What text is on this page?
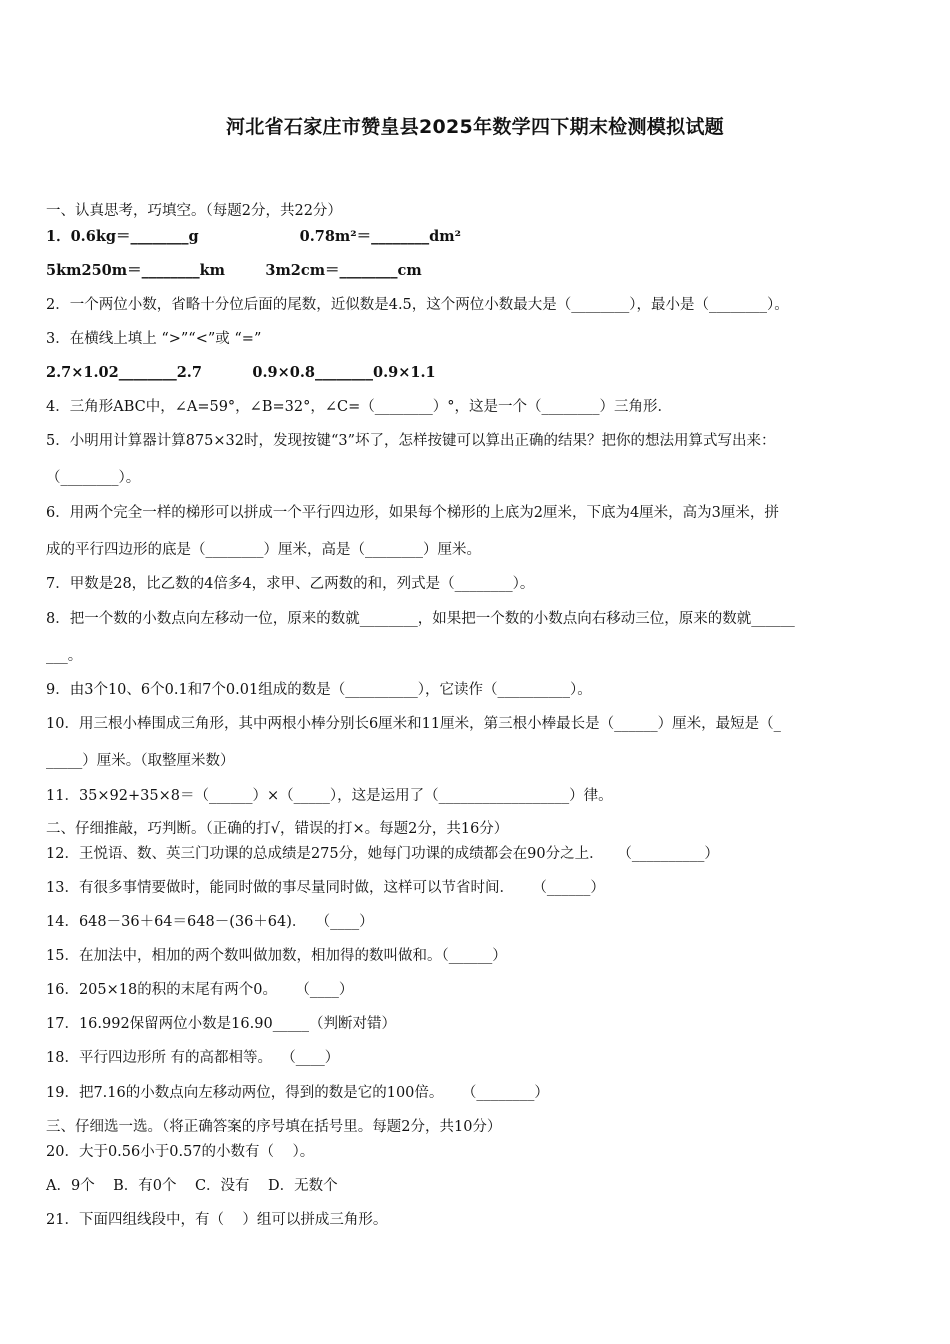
河北省石家庄市赞皇县2025年数学四下期末检测模拟试题
一、认真思考，巧填空。（每题2分，共22分）
1．0.6kg＝________g                    0.78m²＝________dm²
5km250m＝________km        3m2cm＝________cm
2．一个两位小数，省略十分位后面的尾数，近似数是4.5，这个两位小数最大是（________），最小是（________）。
3．在横线上填上 “>”“<”或 “=”
2.7×1.02________2.7          0.9×0.8________0.9×1.1
4．三角形ABC中，∠A=59°，∠B=32°，∠C=（________）°，这是一个（________）三角形．
5．小明用计算器计算875×32时，发现按键“3”坏了，怎样按键可以算出正确的结果？把你的想法用算式写出来：
（________）。
6．用两个完全一样的梯形可以拼成一个平行四边形，如果每个梯形的上底为2厘米，下底为4厘米，高为3厘米，拼
成的平行四边形的底是（________）厘米，高是（________）厘米。
7．甲数是28，比乙数的4倍多4，求甲、乙两数的和，列式是（________）。
8．把一个数的小数点向左移动一位，原来的数就________，如果把一个数的小数点向右移动三位，原来的数就______
___。
9．由3个10、6个0.1和7个0.01组成的数是（__________），它读作（__________）。
10．用三根小棒围成三角形，其中两根小棒分别长6厘米和11厘米，第三根小棒最长是（______）厘米，最短是（_
_____）厘米。（取整厘米数）
11．35×92+35×8＝（______）×（_____），这是运用了（__________________）律。
二、仔细推敲，巧判断。（正确的打√，错误的打×。每题2分，共16分）
12．王悦语、数、英三门功课的总成绩是275分，她每门功课的成绩都会在90分之上．   （__________）
13．有很多事情要做时，能同时做的事尽量同时做，这样可以节省时间．    （______）
14．648－36＋64＝648－(36＋64)．  （____）
15．在加法中，相加的两个数叫做加数，相加得的数叫做和。（______）
16．205×18的积的末尾有两个0。    （____）
17．16.992保留两位小数是16.90_____（判断对错）
18．平行四边形所 有的高都相等。  （____）
19．把7.16的小数点向左移动两位，得到的数是它的100倍。    （________）
三、仔细选一选。（将正确答案的序号填在括号里。每题2分，共10分）
20．大于0.56小于0.57的小数有（    ）。
A．9个    B．有0个    C．没有    D．无数个
21．下面四组线段中，有（    ）组可以拼成三角形。
